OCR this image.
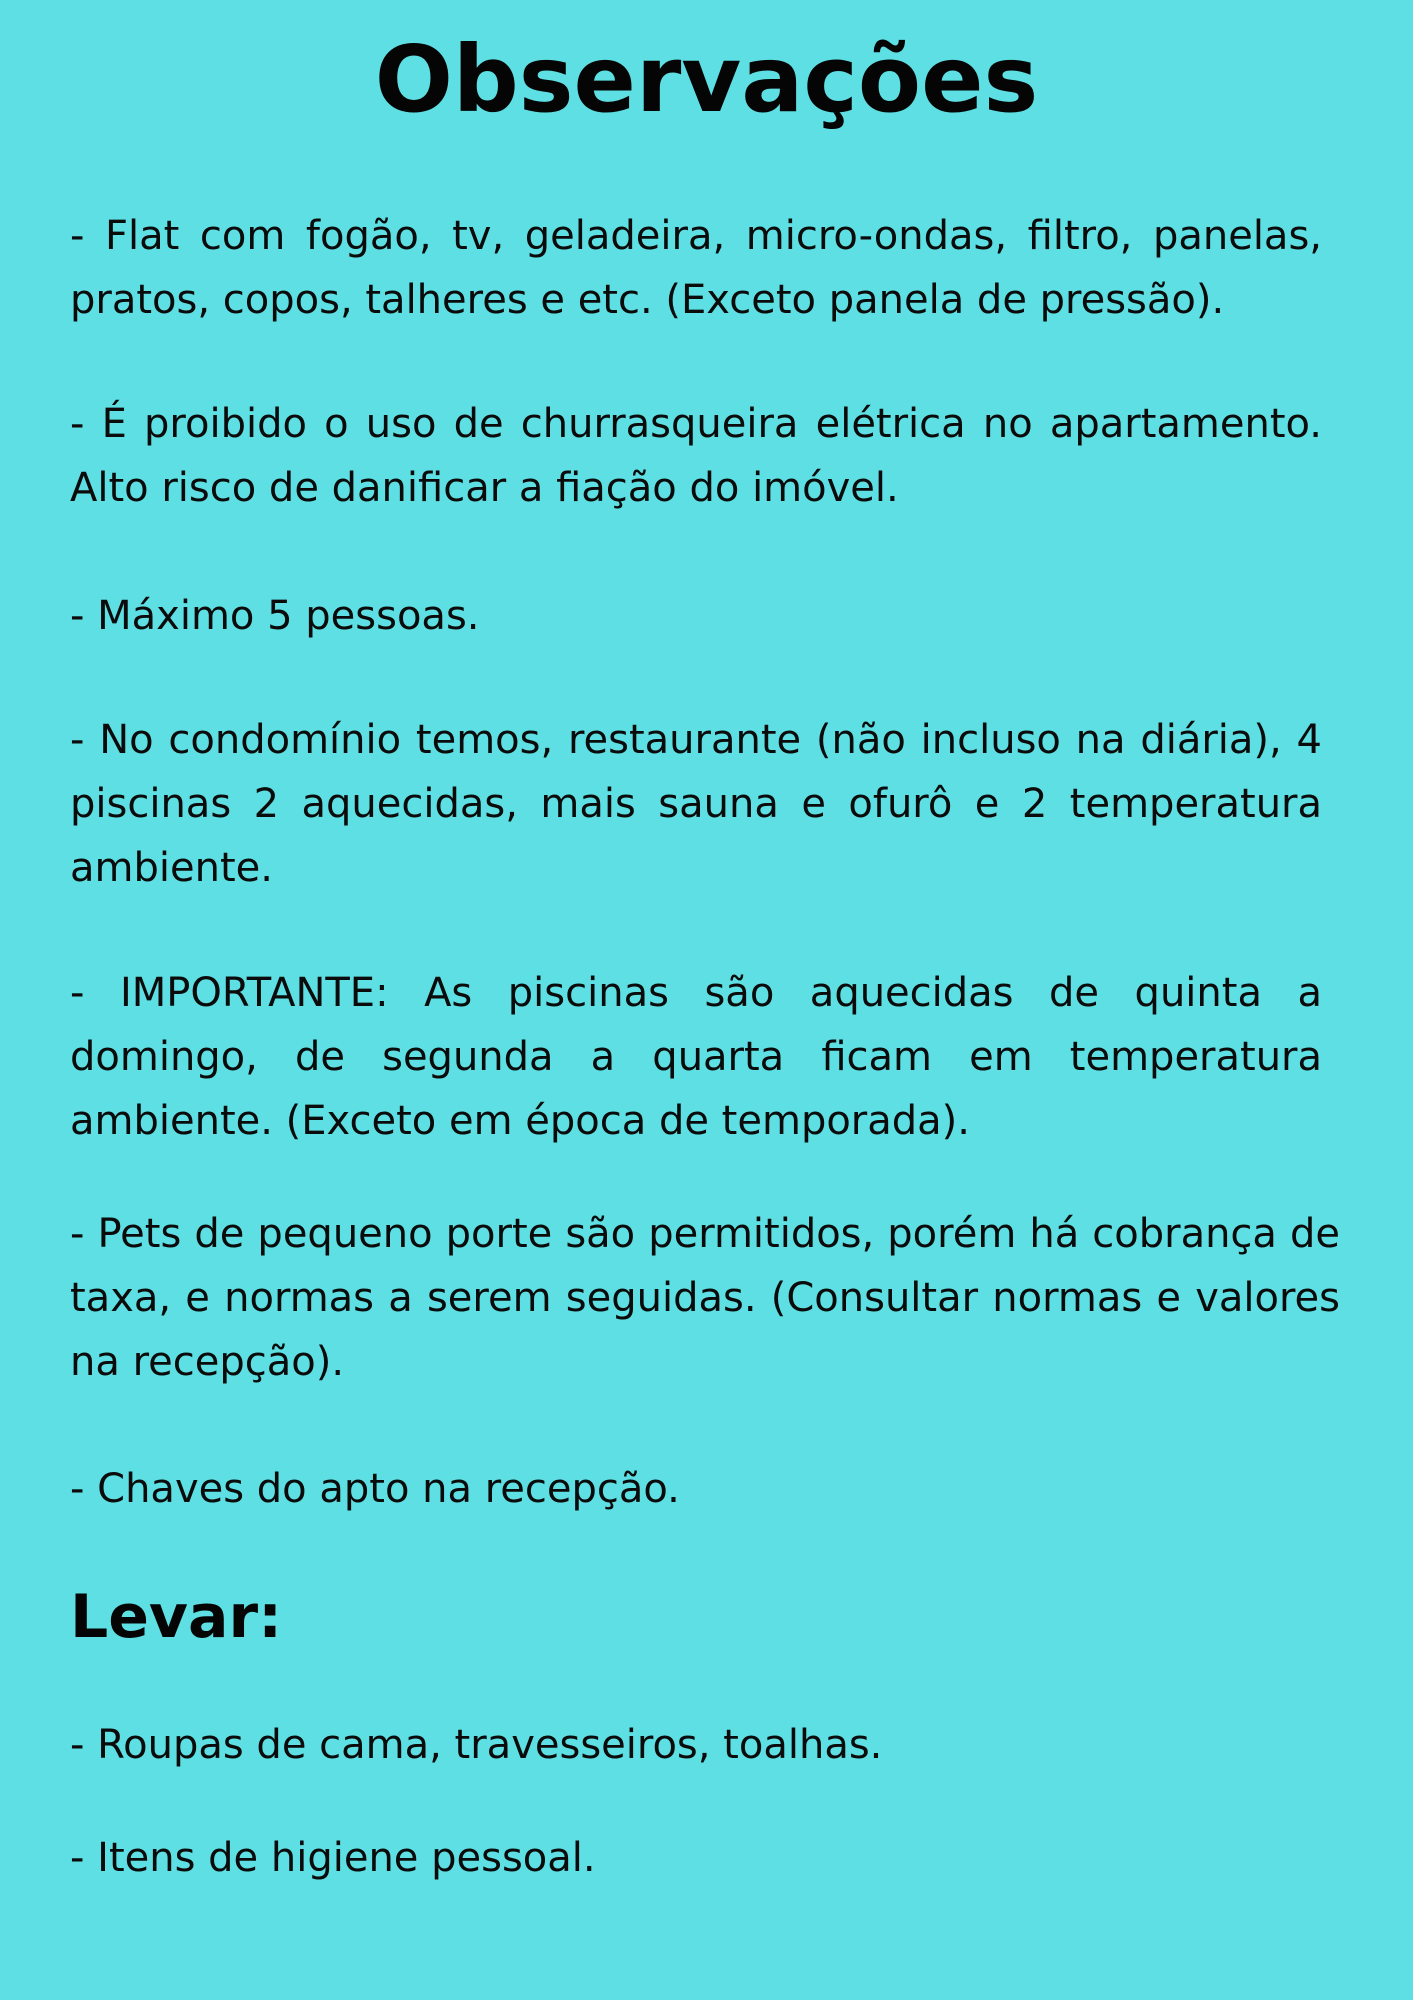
Observações

- Flat com fogão, tv, geladeira, micro-ondas, filtro, panelas, pratos, copos, talheres e etc. (Exceto panela de pressão).

- É proibido o uso de churrasqueira elétrica no apartamento. Alto risco de danificar a fiação do imóvel.

- Máximo 5 pessoas.

- No condomínio temos, restaurante (não incluso na diária), 4 piscinas 2 aquecidas, mais sauna e ofurô e 2 temperatura ambiente.

- IMPORTANTE: As piscinas são aquecidas de quinta a domingo, de segunda a quarta ficam em temperatura ambiente. (Exceto em época de temporada).

- Pets de pequeno porte são permitidos, porém há cobrança de taxa, e normas a serem seguidas. (Consultar normas e valores na recepção).

- Chaves do apto na recepção.

Levar:

- Roupas de cama, travesseiros, toalhas.

- Itens de higiene pessoal.
